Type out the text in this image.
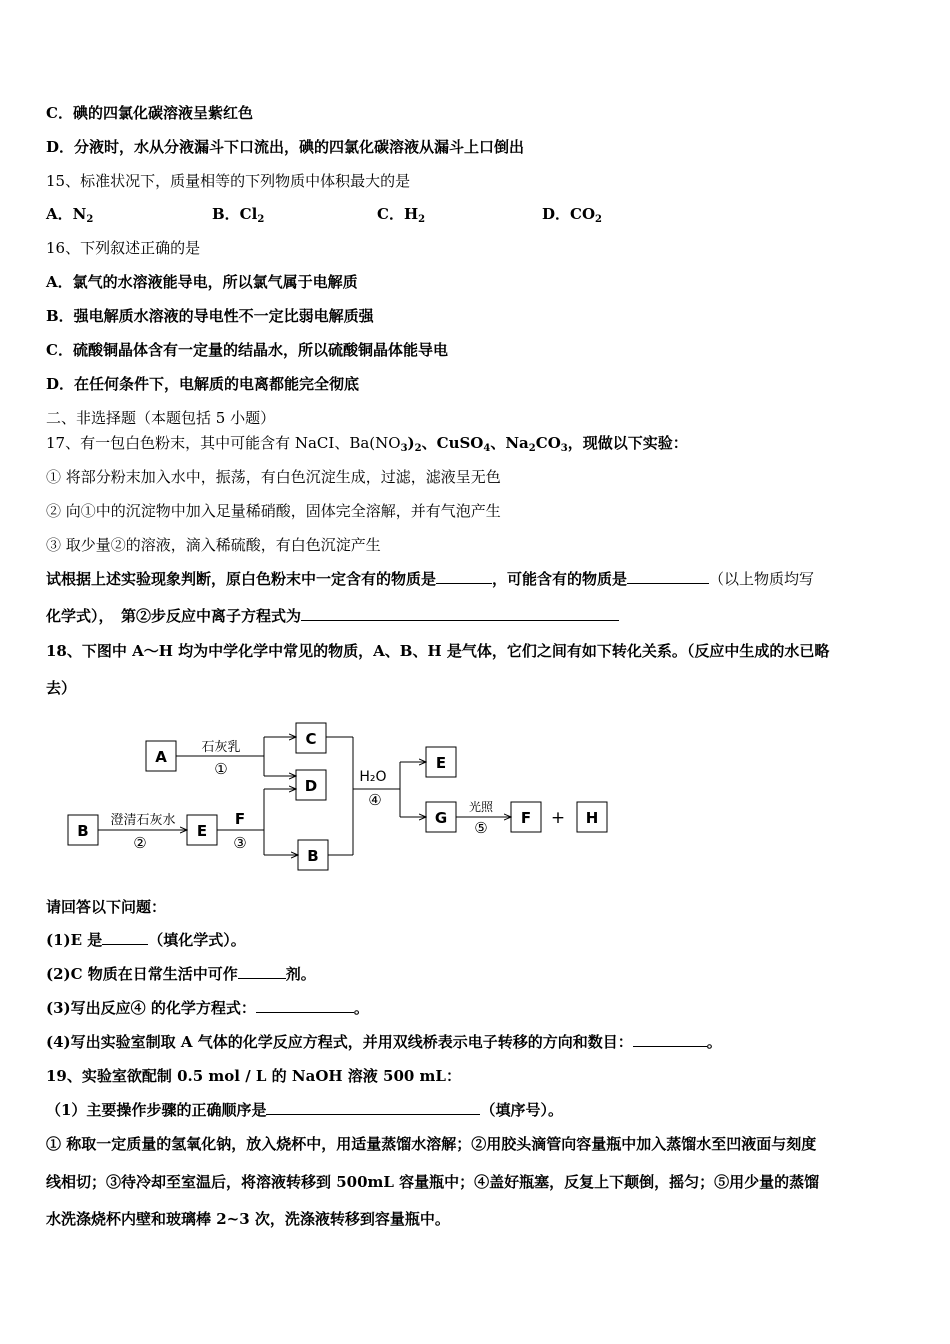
C．碘的四氯化碳溶液呈紫红色
D．分液时，水从分液漏斗下口流出，碘的四氯化碳溶液从漏斗上口倒出
15、标准状况下，质量相等的下列物质中体积最大的是
A．$N_2$	B．$Cl_2$	C．$H_2$	D．$CO_2$
16、下列叙述正确的是
A．氯气的水溶液能导电，所以氯气属于电解质
B．强电解质水溶液的导电性不一定比弱电解质强
C．硫酸铜晶体含有一定量的结晶水，所以硫酸铜晶体能导电
D．在任何条件下，电解质的电离都能完全彻底
二、非选择题（本题包括 5 小题）
17、有一包白色粉末，其中可能含有 NaCI、$Ba(NO_3)_2$、CuSO$_4$、$Na_2CO_3$，现做以下实验：
① 将部分粉末加入水中，振荡，有白色沉淀生成，过滤，滤液呈无色
② 向①中的沉淀物中加入足量稀硝酸，固体完全溶解，并有气泡产生
③ 取少量②的溶液，滴入稀硫酸，有白色沉淀产生
试根据上述实验现象判断，原白色粉末中一定含有的物质是	，可能含有的物质是	（以上物质均写
化学式），　第②步反应中离子方程式为
18、下图中 A～H 均为中学化学中常见的物质，A、B、H 是气体，它们之间有如下转化关系。（反应中生成的水已略
去）
A
C
D
B	E
B
E
G	F	H
石灰乳
①
澄清石灰水
②
F
③
H₂O
④	光照
⑤	+
请回答以下问题：
(1)E 是	（填化学式）。
(2)C 物质在日常生活中可作	剂。
(3)写出反应④ 的化学方程式：	。
(4)写出实验室制取 A 气体的化学反应方程式，并用双线桥表示电子转移的方向和数目：	。
19、实验室欲配制 0.5 mol / L 的 NaOH 溶液 500 mL：
（1）主要操作步骤的正确顺序是	（填序号）。
① 称取一定质量的氢氧化钠，放入烧杯中，用适量蒸馏水溶解；②用胶头滴管向容量瓶中加入蒸馏水至凹液面与刻度
线相切；③待冷却至室温后，将溶液转移到 500mL 容量瓶中；④盖好瓶塞，反复上下颠倒，摇匀；⑤用少量的蒸馏
水洗涤烧杯内壁和玻璃棒 2~3 次，洗涤液转移到容量瓶中。
